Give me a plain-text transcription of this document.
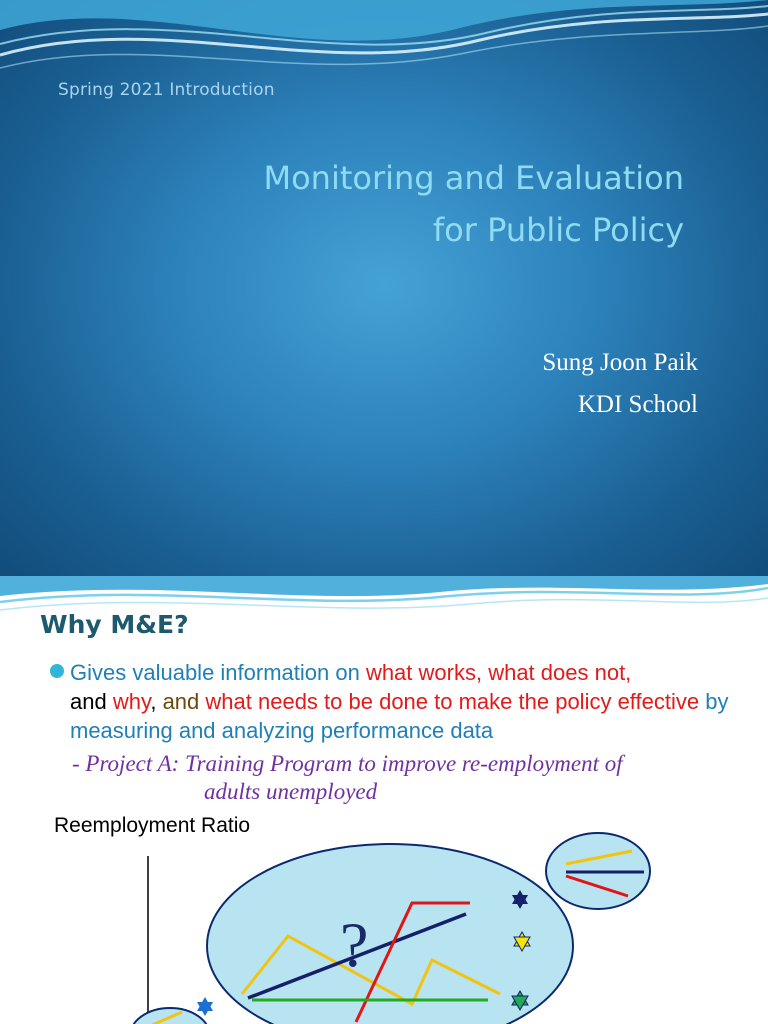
Spring 2021 Introduction
Monitoring and Evaluation
for Public Policy
Sung Joon Paik
KDI School
Why M&E?
Gives valuable information on what works, what does not,
and why, and what needs to be done to make the policy effective by measuring and analyzing performance data
- Project A: Training Program to improve re-employment of
adults unemployed
Reemployment Ratio
?
